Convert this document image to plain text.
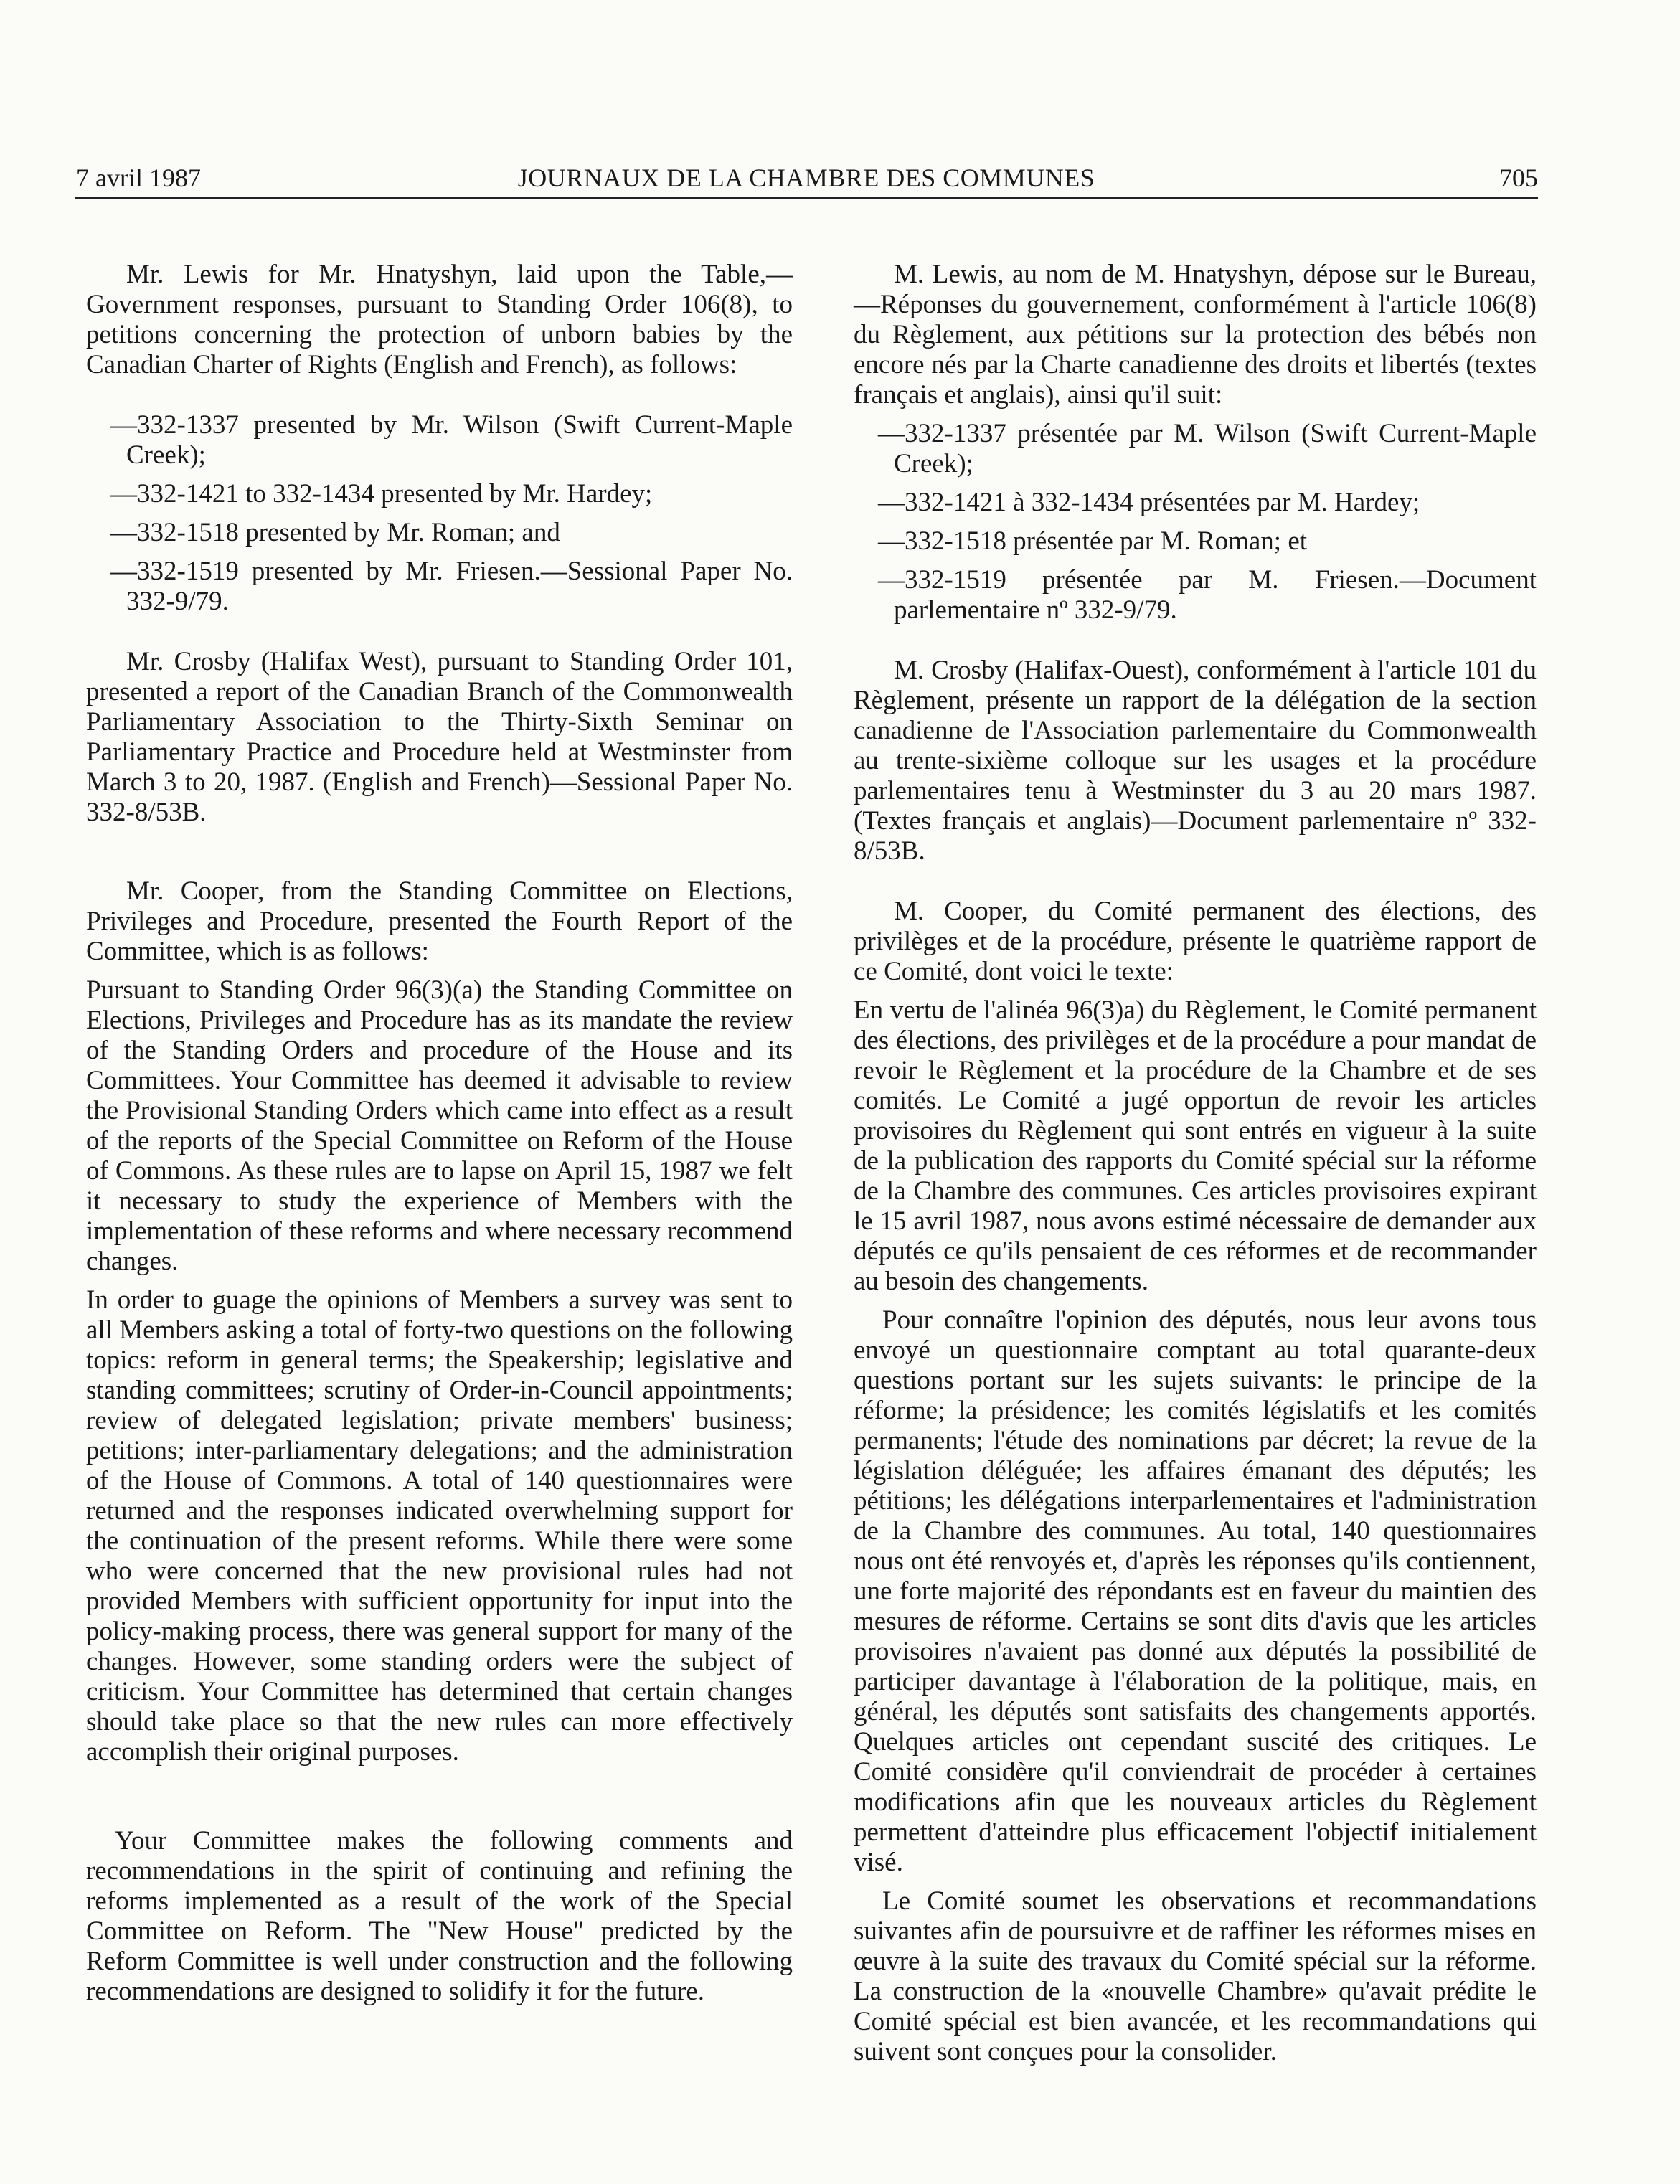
7 avril 1987	JOURNAUX DE LA CHAMBRE DES COMMUNES	705

Mr. Lewis for Mr. Hnatyshyn, laid upon the Table,—Government responses, pursuant to Standing Order 106(8), to petitions concerning the protection of unborn babies by the Canadian Charter of Rights (English and French), as follows:

—332-1337 presented by Mr. Wilson (Swift Current-Maple Creek);
—332-1421 to 332-1434 presented by Mr. Hardey;
—332-1518 presented by Mr. Roman; and
—332-1519 presented by Mr. Friesen.—Sessional Paper No. 332-9/79.

Mr. Crosby (Halifax West), pursuant to Standing Order 101, presented a report of the Canadian Branch of the Commonwealth Parliamentary Association to the Thirty-Sixth Seminar on Parliamentary Practice and Procedure held at Westminster from March 3 to 20, 1987. (English and French)—Sessional Paper No. 332-8/53B.

Mr. Cooper, from the Standing Committee on Elections, Privileges and Procedure, presented the Fourth Report of the Committee, which is as follows:

Pursuant to Standing Order 96(3)(a) the Standing Committee on Elections, Privileges and Procedure has as its mandate the review of the Standing Orders and procedure of the House and its Committees. Your Committee has deemed it advisable to review the Provisional Standing Orders which came into effect as a result of the reports of the Special Committee on Reform of the House of Commons. As these rules are to lapse on April 15, 1987 we felt it necessary to study the experience of Members with the implementation of these reforms and where necessary recommend changes.

In order to guage the opinions of Members a survey was sent to all Members asking a total of forty-two questions on the following topics: reform in general terms; the Speakership; legislative and standing committees; scrutiny of Order-in-Council appointments; review of delegated legislation; private members' business; petitions; inter-parliamentary delegations; and the administration of the House of Commons. A total of 140 questionnaires were returned and the responses indicated overwhelming support for the continuation of the present reforms. While there were some who were concerned that the new provisional rules had not provided Members with sufficient opportunity for input into the policy-making process, there was general support for many of the changes. However, some standing orders were the subject of criticism. Your Committee has determined that certain changes should take place so that the new rules can more effectively accomplish their original purposes.

Your Committee makes the following comments and recommendations in the spirit of continuing and refining the reforms implemented as a result of the work of the Special Committee on Reform. The "New House" predicted by the Reform Committee is well under construction and the following recommendations are designed to solidify it for the future.

M. Lewis, au nom de M. Hnatyshyn, dépose sur le Bureau,—Réponses du gouvernement, conformément à l'article 106(8) du Règlement, aux pétitions sur la protection des bébés non encore nés par la Charte canadienne des droits et libertés (textes français et anglais), ainsi qu'il suit:

—332-1337 présentée par M. Wilson (Swift Current-Maple Creek);
—332-1421 à 332-1434 présentées par M. Hardey;
—332-1518 présentée par M. Roman; et
—332-1519 présentée par M. Friesen.—Document parlementaire nº 332-9/79.

M. Crosby (Halifax-Ouest), conformément à l'article 101 du Règlement, présente un rapport de la délégation de la section canadienne de l'Association parlementaire du Commonwealth au trente-sixième colloque sur les usages et la procédure parlementaires tenu à Westminster du 3 au 20 mars 1987. (Textes français et anglais)—Document parlementaire nº 332-8/53B.

M. Cooper, du Comité permanent des élections, des privilèges et de la procédure, présente le quatrième rapport de ce Comité, dont voici le texte:

En vertu de l'alinéa 96(3)a) du Règlement, le Comité permanent des élections, des privilèges et de la procédure a pour mandat de revoir le Règlement et la procédure de la Chambre et de ses comités. Le Comité a jugé opportun de revoir les articles provisoires du Règlement qui sont entrés en vigueur à la suite de la publication des rapports du Comité spécial sur la réforme de la Chambre des communes. Ces articles provisoires expirant le 15 avril 1987, nous avons estimé nécessaire de demander aux députés ce qu'ils pensaient de ces réformes et de recommander au besoin des changements.

Pour connaître l'opinion des députés, nous leur avons tous envoyé un questionnaire comptant au total quarante-deux questions portant sur les sujets suivants: le principe de la réforme; la présidence; les comités législatifs et les comités permanents; l'étude des nominations par décret; la revue de la législation déléguée; les affaires émanant des députés; les pétitions; les délégations interparlementaires et l'administration de la Chambre des communes. Au total, 140 questionnaires nous ont été renvoyés et, d'après les réponses qu'ils contiennent, une forte majorité des répondants est en faveur du maintien des mesures de réforme. Certains se sont dits d'avis que les articles provisoires n'avaient pas donné aux députés la possibilité de participer davantage à l'élaboration de la politique, mais, en général, les députés sont satisfaits des changements apportés. Quelques articles ont cependant suscité des critiques. Le Comité considère qu'il conviendrait de procéder à certaines modifications afin que les nouveaux articles du Règlement permettent d'atteindre plus efficacement l'objectif initialement visé.

Le Comité soumet les observations et recommandations suivantes afin de poursuivre et de raffiner les réformes mises en œuvre à la suite des travaux du Comité spécial sur la réforme. La construction de la «nouvelle Chambre» qu'avait prédite le Comité spécial est bien avancée, et les recommandations qui suivent sont conçues pour la consolider.
